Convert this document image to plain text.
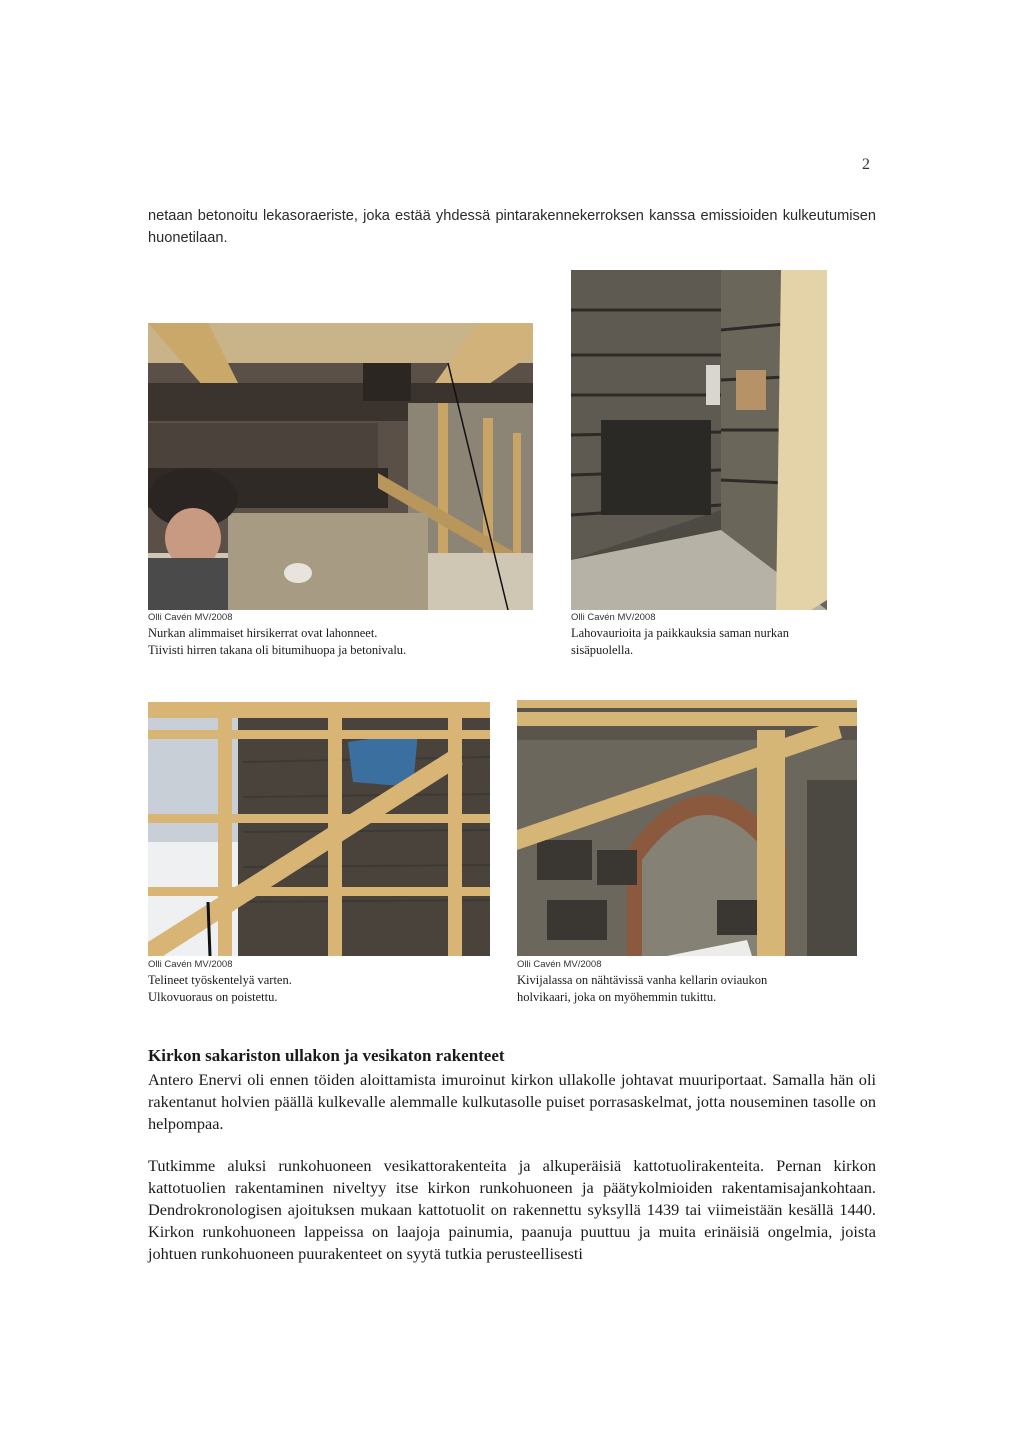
2

netaan betonoitu lekasoraeriste, joka estää yhdessä pintarakennekerroksen kanssa emissioiden kulkeutumisen huonetilaan.

Olli Cavén MV/2008
Nurkan alimmaiset hirsikerrat ovat lahonneet.
Tiivisti hirren takana oli bitumihuopa ja betonivalu.
Olli Cavén MV/2008
Lahovaurioita ja paikkauksia saman nurkan
sisäpuolella.
Olli Cavén MV/2008
Telineet työskentelyä varten.
Ulkovuoraus on poistettu.
Olli Cavén MV/2008
Kivijalassa on nähtävissä vanha kellarin oviaukon
holvikaari, joka on myöhemmin tukittu.
Kirkon sakariston ullakon ja vesikaton rakenteet

Antero Enervi oli ennen töiden aloittamista imuroinut kirkon ullakolle johtavat muuriportaat. Samalla hän oli rakentanut holvien päällä kulkevalle alemmalle kulkutasolle puiset porrasaskelmat, jotta nouseminen tasolle on helpompaa.

Tutkimme aluksi runkohuoneen vesikattorakenteita ja alkuperäisiä kattotuolirakenteita. Pernan kirkon kattotuolien rakentaminen niveltyy itse kirkon runkohuoneen ja päätykolmioiden rakentamisajankohtaan. Dendrokronologisen ajoituksen mukaan kattotuolit on rakennettu syksyllä 1439 tai viimeistään kesällä 1440. Kirkon runkohuoneen lappeissa on laajoja painumia, paanuja puuttuu ja muita erinäisiä ongelmia, joista johtuen runkohuoneen puurakenteet on syytä tutkia perusteellisesti
